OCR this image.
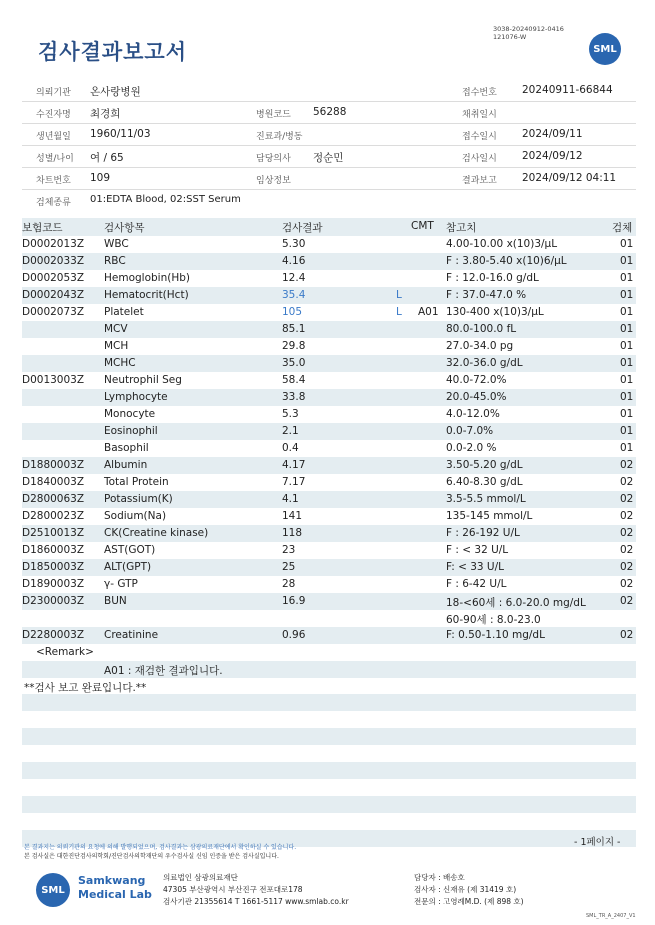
검사결과보고서
3038-20240912-0416
121076-W
SML
의뢰기관 온사랑병원	접수번호 20240911-66844
수진자명 최경희	병원코드 56288	채취일시
생년월일 1960/11/03	진료과/병동	접수일시 2024/09/11
성별/나이 여 / 65	담당의사 정순민	검사일시 2024/09/12
차트번호 109	임상정보	결과보고 2024/09/12 04:11
검체종류 01:EDTA Blood, 02:SST Serum
보험코드	검사항목	검사결과	CMT 참고치	검체
D0002013Z WBC	5.30	4.00-10.00 x(10)3/μL	01
D0002033Z RBC	4.16	F : 3.80-5.40 x(10)6/μL	01
D0002053Z Hemoglobin(Hb)	12.4	F : 12.0-16.0 g/dL	01
D0002043Z Hematocrit(Hct)	35.4	L	F : 37.0-47.0 %	01
D0002073Z Platelet	105	L A01 130-400 x(10)3/μL	01
MCV	85.1	80.0-100.0 fL	01
MCH	29.8	27.0-34.0 pg	01
MCHC	35.0	32.0-36.0 g/dL	01
D0013003Z Neutrophil Seg	58.4	40.0-72.0%	01
Lymphocyte	33.8	20.0-45.0%	01
Monocyte	5.3	4.0-12.0%	01
Eosinophil	2.1	0.0-7.0%	01
Basophil	0.4	0.0-2.0 %	01
D1880003Z Albumin	4.17	3.50-5.20 g/dL	02
D1840003Z Total Protein	7.17	6.40-8.30 g/dL	02
D2800063Z Potassium(K)	4.1	3.5-5.5 mmol/L	02
D2800023Z Sodium(Na)	141	135-145 mmol/L	02
D2510013Z CK(Creatine kinase)	118	F : 26-192 U/L	02
D1860003Z AST(GOT)	23	F : < 32 U/L	02
D1850003Z ALT(GPT)	25	F: < 33 U/L	02
D1890003Z γ- GTP	28	F : 6-42 U/L	02
D2300003Z BUN	16.9	18-<60세 : 6.0-20.0 mg/dL	02
60-90세 : 8.0-23.0
D2280003Z Creatinine	0.96	F: 0.50-1.10 mg/dL	02
<Remark>
A01 : 재검한 결과입니다.
**검사 보고 완료입니다.**
본 결과지는 의뢰기관의 요청에 의해 발행되었으며, 검사결과는 삼광의료재단에서 확인하실 수 있습니다.
본 검사실은 대한진단검사의학회/진단검사의학재단의 우수검사실 신임 인증을 받은 검사실입니다.
- 1페이지 -
SML
Samkwang
Medical Lab
의료법인 삼광의료재단
47305 부산광역시 부산진구 전포대로178
검사기관 21355614 T 1661-5117 www.smlab.co.kr
담당자 : 배송호
검사자 : 신재유 (제 31419 호)
전문의 : 고영례M.D. (제 898 호)
SML_TR_A_2407_V1
